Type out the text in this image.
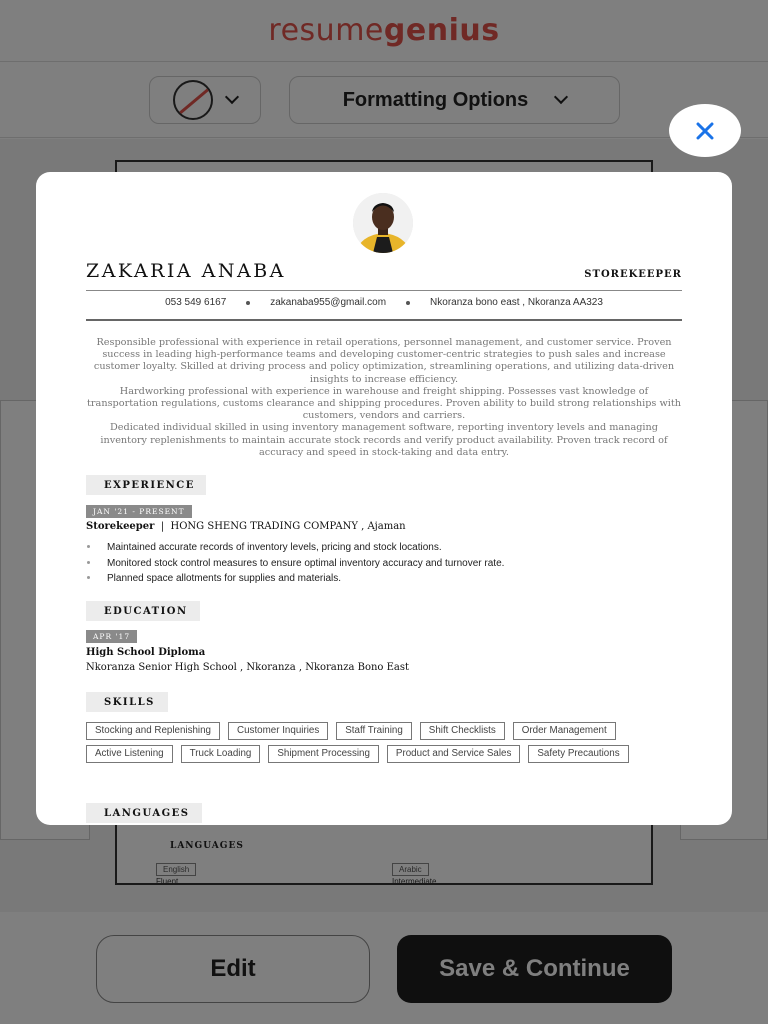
ZAKARIA ANABA	STOREKEEPER
053 549 6167	zakanaba955@gmail.com	Nkoranza bono east , Nkoranza AA323

Responsible professional with experience in retail operations, personnel management, and customer service. Proven success in leading high-performance teams and developing customer-centric strategies to push sales and increase customer loyalty. Skilled at driving process and policy optimization, streamlining operations, and utilizing data-driven insights to increase efficiency.

Hardworking professional with experience in warehouse and freight shipping. Possesses vast knowledge of transportation regulations, customs clearance and shipping procedures. Proven ability to build strong relationships with customers, vendors and carriers.

Dedicated individual skilled in using inventory management software, reporting inventory levels and managing inventory replenishments to maintain accurate stock records and verify product availability. Proven track record of accuracy and speed in stock-taking and data entry.

EXPERIENCE
JAN '21 - PRESENT
Storekeeper | HONG SHENG TRADING COMPANY , Ajaman
Maintained accurate records of inventory levels, pricing and stock locations.
Monitored stock control measures to ensure optimal inventory accuracy and turnover rate.
Planned space allotments for supplies and materials.
EDUCATION
APR '17
High School Diploma
Nkoranza Senior High School , Nkoranza , Nkoranza Bono East
SKILLS
Stocking and Replenishing	Customer Inquiries	Staff Training	Shift Checklists	Order Management
Active Listening	Truck Loading	Shipment Processing	Product and Service Sales	Safety Precautions
LANGUAGES
